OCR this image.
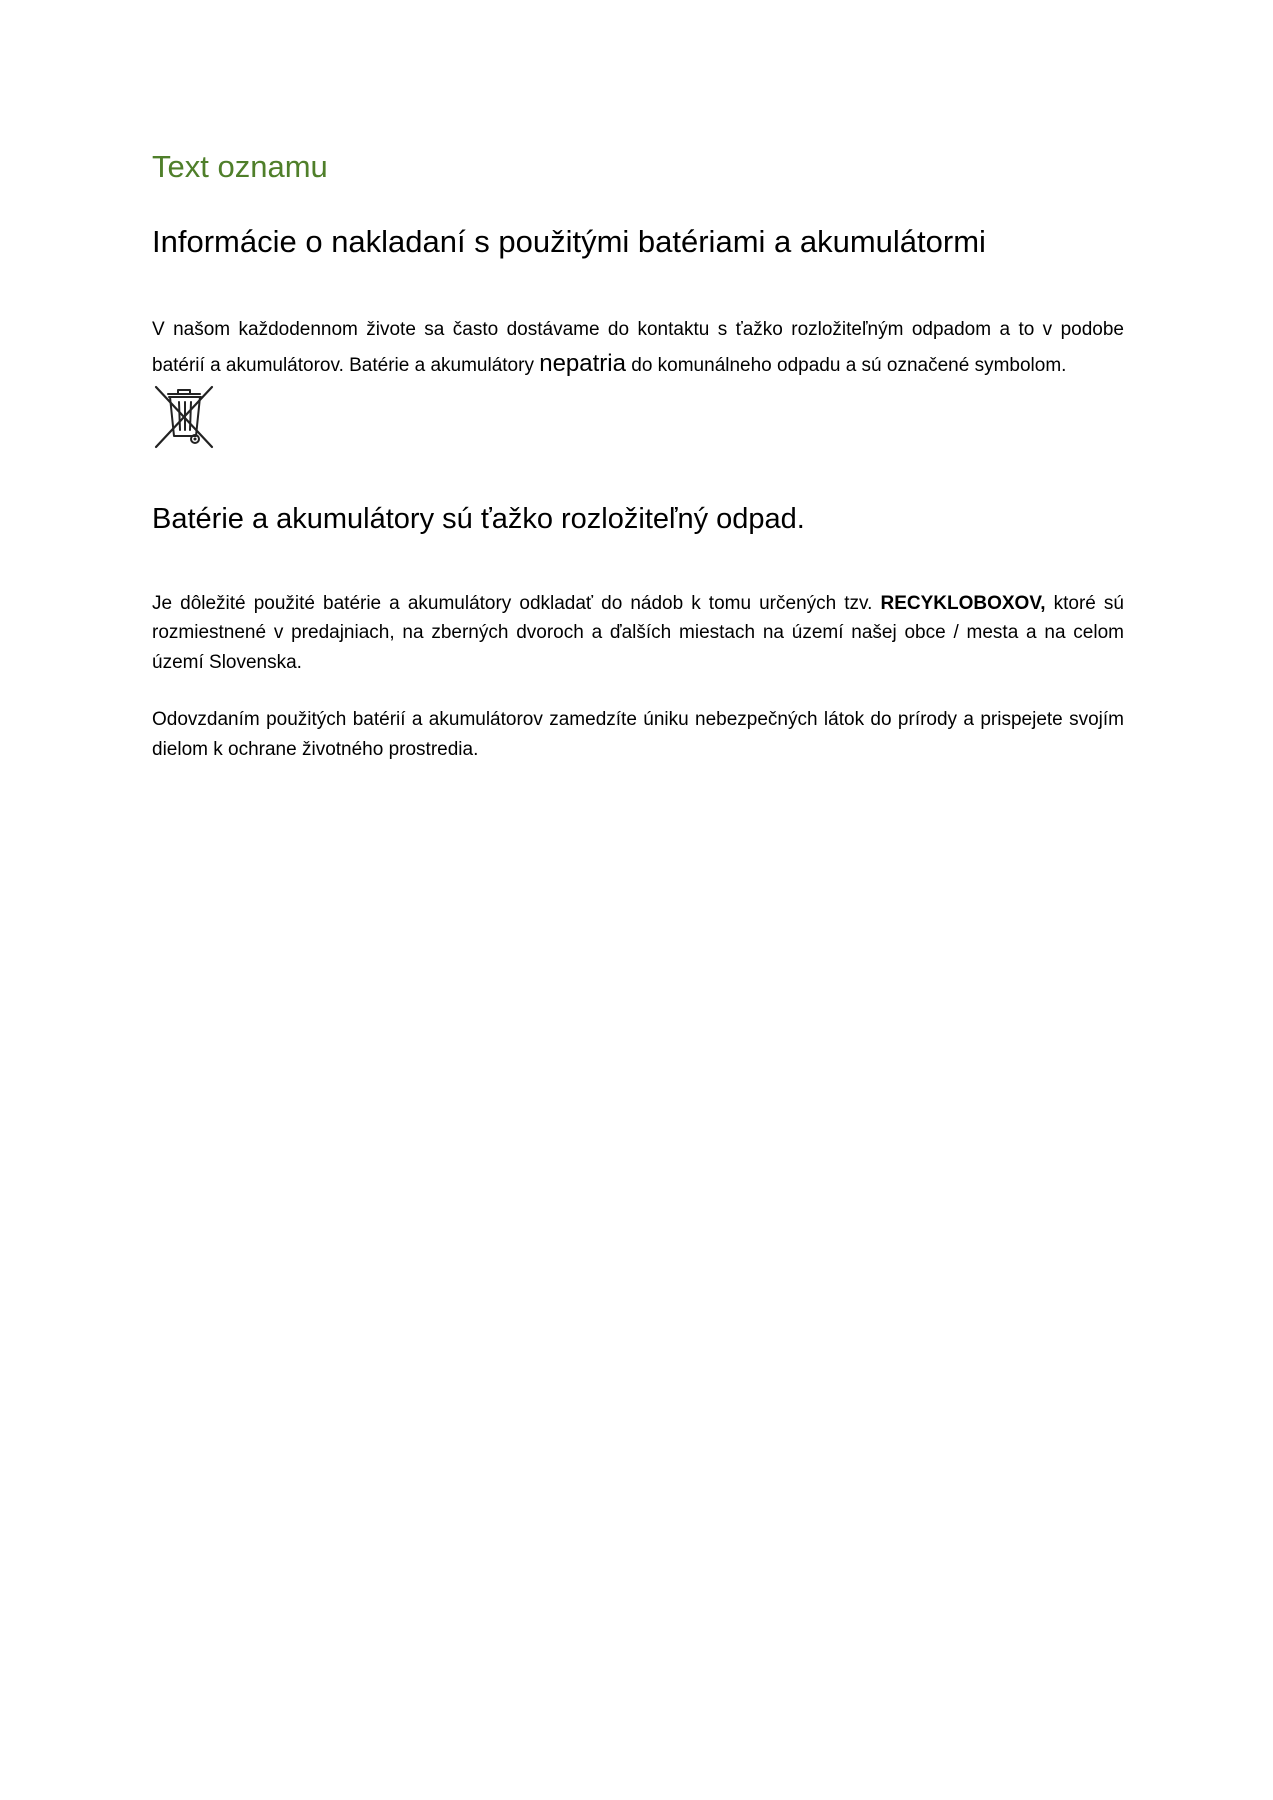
Text oznamu
Informácie o nakladaní s použitými batériami a akumulátormi

V našom každodennom živote sa často dostávame do kontaktu s ťažko rozložiteľným odpadom a to v podobe batérií a akumulátorov. Batérie a akumulátory nepatria do komunálneho odpadu a sú označené symbolom.

Batérie a akumulátory sú ťažko rozložiteľný odpad.

Je dôležité použité batérie a akumulátory odkladať do nádob k tomu určených tzv. RECYKLOBOXOV, ktoré sú rozmiestnené v predajniach, na zberných dvoroch a ďalších miestach na území našej obce / mesta a na celom území Slovenska.

Odovzdaním použitých batérií a akumulátorov zamedzíte úniku nebezpečných látok do prírody a prispejete svojím dielom k ochrane životného prostredia.
